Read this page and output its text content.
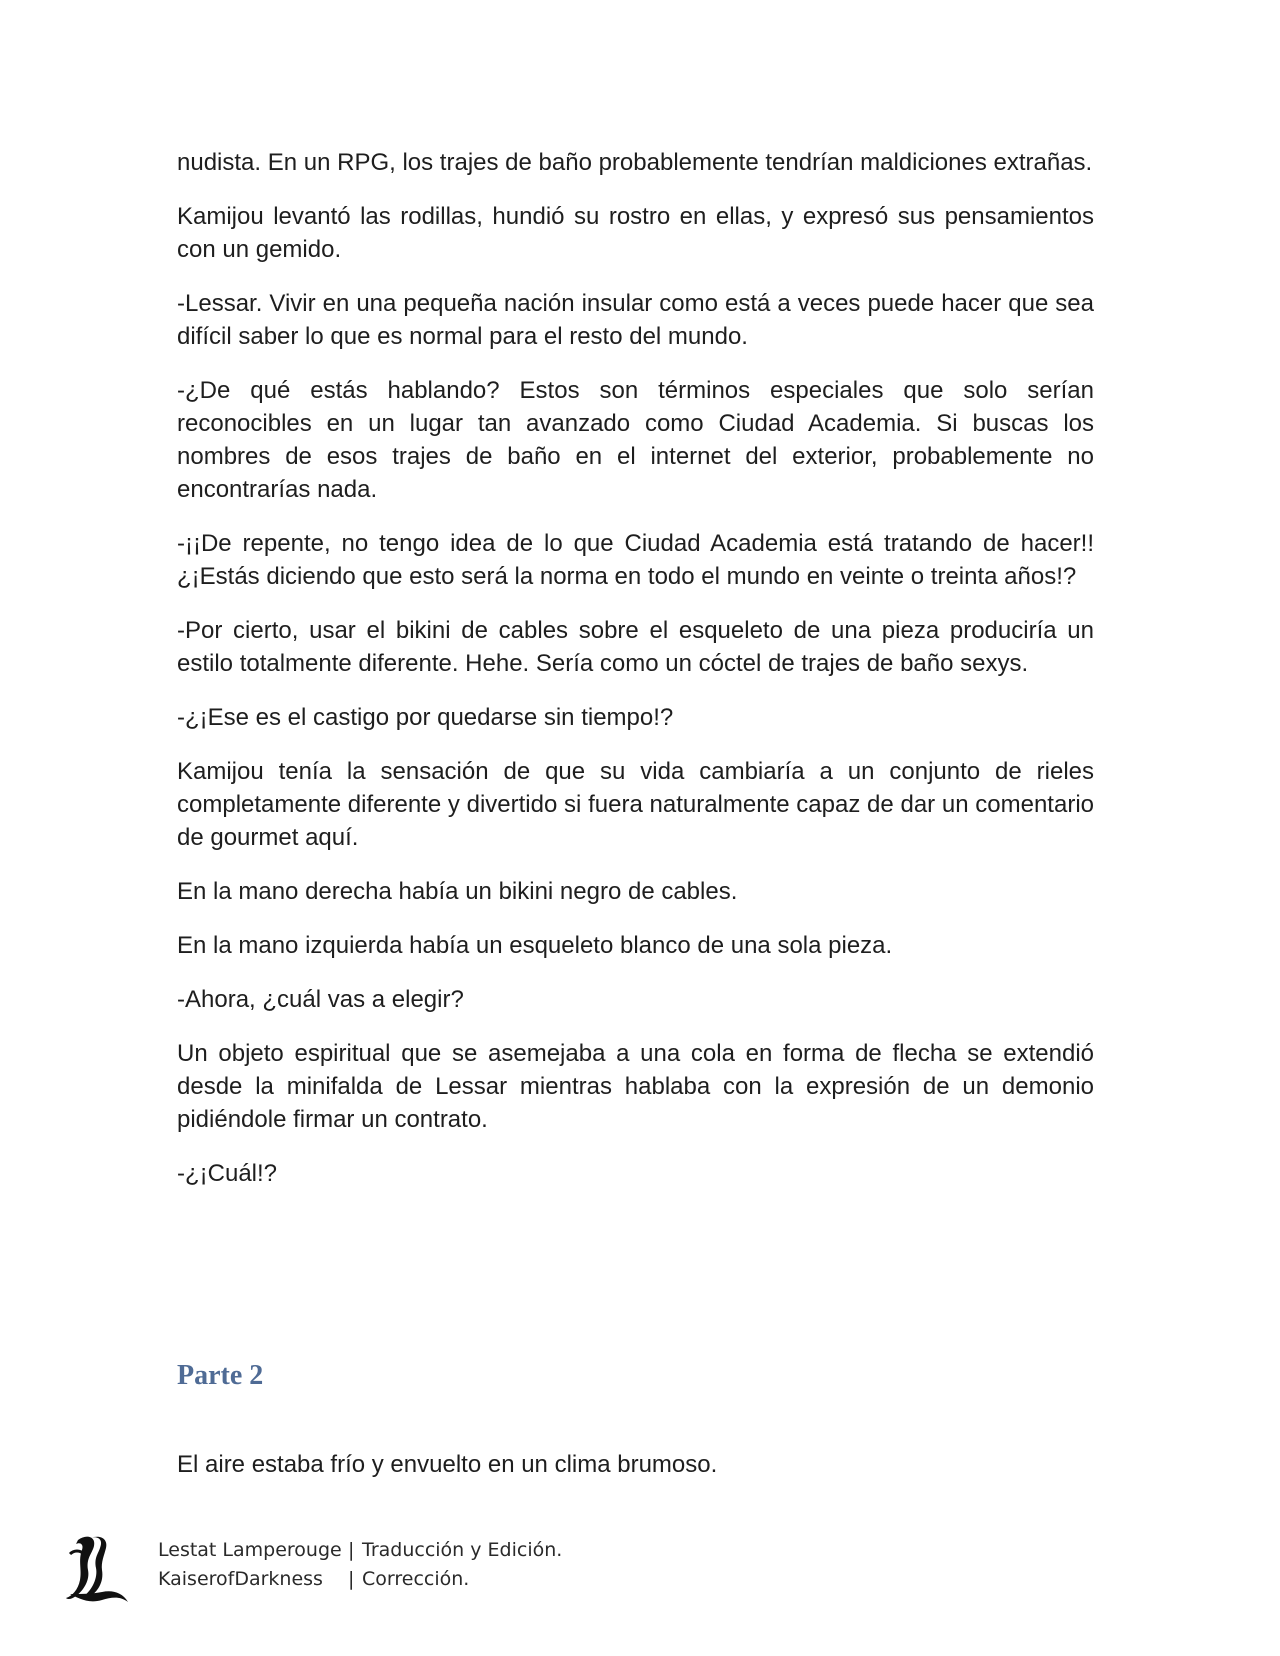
nudista. En un RPG, los trajes de baño probablemente tendrían maldiciones extrañas.

Kamijou levantó las rodillas, hundió su rostro en ellas, y expresó sus pensamientos con un gemido.

-Lessar. Vivir en una pequeña nación insular como está a veces puede hacer que sea difícil saber lo que es normal para el resto del mundo.

-¿De qué estás hablando? Estos son términos especiales que solo serían reconocibles en un lugar tan avanzado como Ciudad Academia. Si buscas los nombres de esos trajes de baño en el internet del exterior, probablemente no encontrarías nada.

-¡¡De repente, no tengo idea de lo que Ciudad Academia está tratando de hacer!! ¿¡Estás diciendo que esto será la norma en todo el mundo en veinte o treinta años!?

-Por cierto, usar el bikini de cables sobre el esqueleto de una pieza produciría un estilo totalmente diferente. Hehe. Sería como un cóctel de trajes de baño sexys.

-¿¡Ese es el castigo por quedarse sin tiempo!?

Kamijou tenía la sensación de que su vida cambiaría a un conjunto de rieles completamente diferente y divertido si fuera naturalmente capaz de dar un comentario de gourmet aquí.

En la mano derecha había un bikini negro de cables.

En la mano izquierda había un esqueleto blanco de una sola pieza.

-Ahora, ¿cuál vas a elegir?

Un objeto espiritual que se asemejaba a una cola en forma de flecha se extendió desde la minifalda de Lessar mientras hablaba con la expresión de un demonio pidiéndole firmar un contrato.

-¿¡Cuál!?

Parte 2

El aire estaba frío y envuelto en un clima brumoso.

Lestat Lamperouge | Traducción y Edición.
KaiserofDarkness	| Corrección.
